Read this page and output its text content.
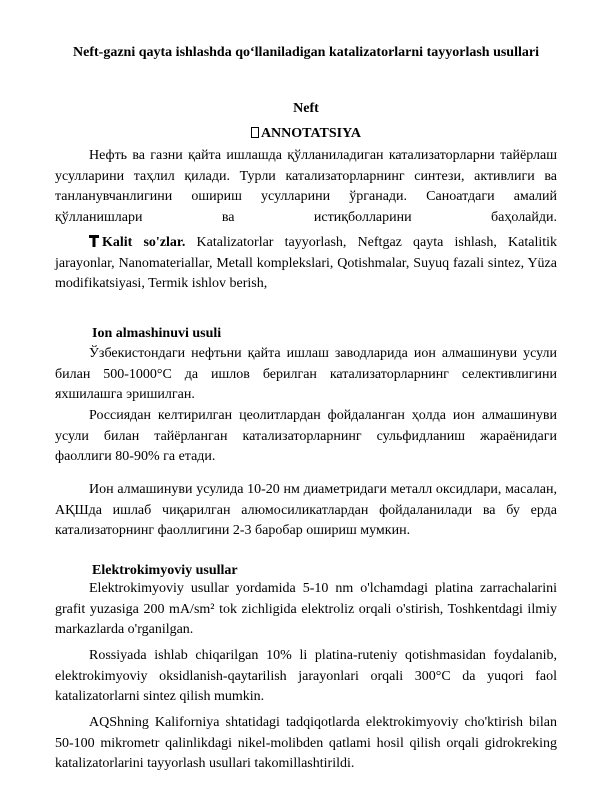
Neft-gazni qayta ishlashda qo‘llaniladigan katalizatorlarni tayyorlash usullari
Neft
ANNOTATSIYA
Нефть ва газни қайта ишлашда қўлланиладиган катализаторларни тайёрлаш усулларини таҳлил қилади. Турли катализаторларнинг синтези, активлиги ва танланувчанлигини ошириш усулларини ўрганади. Саноатдаги амалий қўлланишлари ва истиқболларини баҳолайди.
Kalit so'zlar. Katalizatorlar tayyorlash, Neftgaz qayta ishlash, Katalitik jarayonlar, Nanomateriallar, Metall komplekslari, Qotishmalar, Suyuq fazali sintez, Yüza modifikatsiyasi, Termik ishlov berish,
Ion almashinuvi usuli
Ўзбекистондаги нефтьни қайта ишлаш заводларида ион алмашинуви усули билан 500-1000°C да ишлов берилган катализаторларнинг селективлигини яхшилашга эришилган.
Россиядан келтирилган цеолитлардан фойдаланган ҳолда ион алмашинуви усули билан тайёрланган катализаторларнинг сульфидланиш жараёнидаги фаоллиги 80-90% га етади.
Ион алмашинуви усулида 10-20 нм диаметридаги металл оксидлари, масалан, АҚШда ишлаб чиқарилган алюмосиликатлардан фойдаланилади ва бу ерда катализаторнинг фаоллигини 2-3 баробар ошириш мумкин.
Elektrokimyoviy usullar
Elektrokimyoviy usullar yordamida 5-10 nm o'lchamdagi platina zarrachalarini grafit yuzasiga 200 mA/sm² tok zichligida elektroliz orqali o'stirish, Toshkentdagi ilmiy markazlarda o'rganilgan.
Rossiyada ishlab chiqarilgan 10% li platina-ruteniy qotishmasidan foydalanib, elektrokimyoviy oksidlanish-qaytarilish jarayonlari orqali 300°C da yuqori faol katalizatorlarni sintez qilish mumkin.
AQShning Kaliforniya shtatidagi tadqiqotlarda elektrokimyoviy cho'ktirish bilan 50-100 mikrometr qalinlikdagi nikel-molibden qatlami hosil qilish orqali gidrokreking katalizatorlarini tayyorlash usullari takomillashtirildi.
